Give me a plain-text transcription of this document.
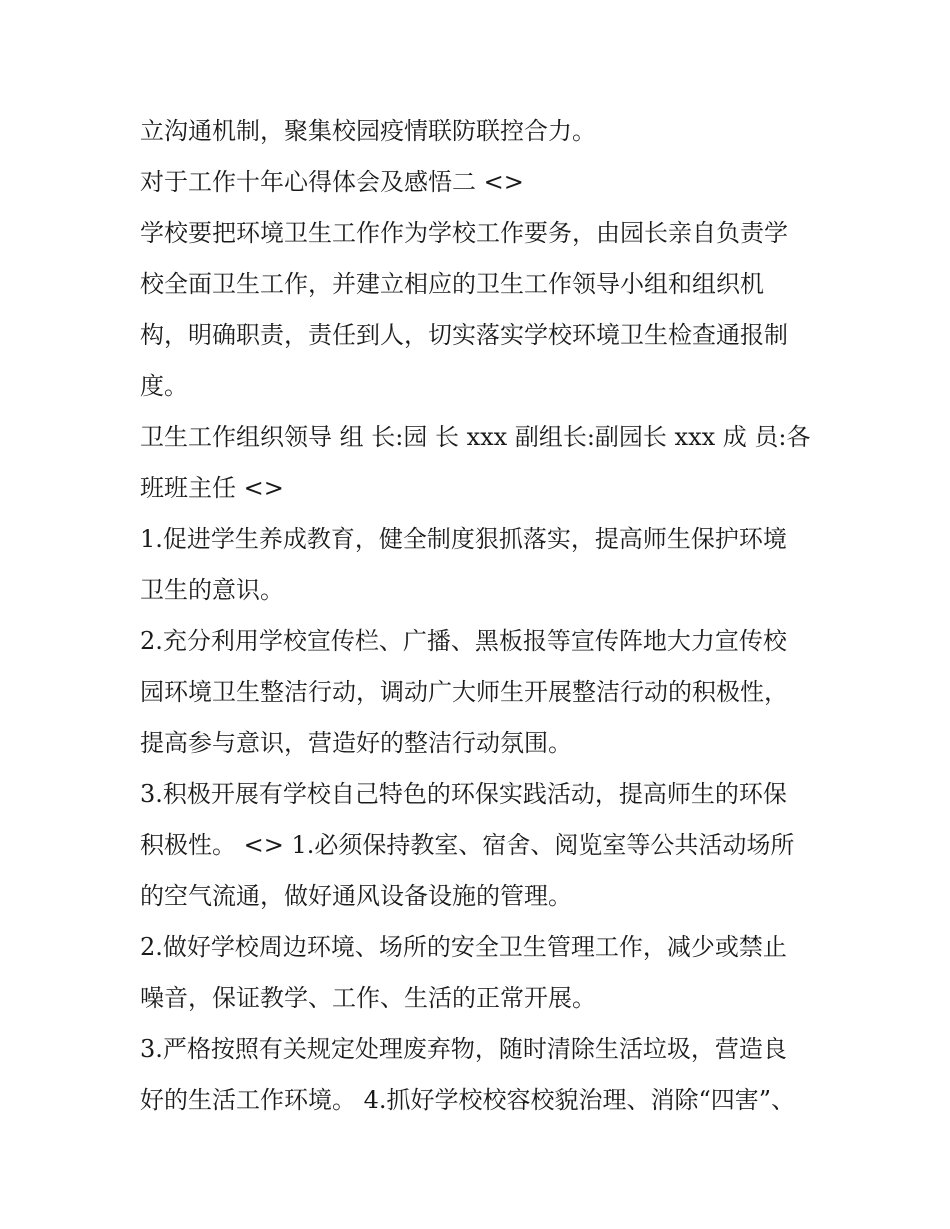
立沟通机制，聚集校园疫情联防联控合力。
对于工作十年心得体会及感悟二 <>
学校要把环境卫生工作作为学校工作要务，由园长亲自负责学
校全面卫生工作，并建立相应的卫生工作领导小组和组织机
构，明确职责，责任到人，切实落实学校环境卫生检查通报制
度。
卫生工作组织领导 组 长:园 长 xxx 副组长:副园长 xxx 成 员:各
班班主任 <>
1.促进学生养成教育，健全制度狠抓落实，提高师生保护环境
卫生的意识。
2.充分利用学校宣传栏、广播、黑板报等宣传阵地大力宣传校
园环境卫生整洁行动，调动广大师生开展整洁行动的积极性，
提高参与意识，营造好的整洁行动氛围。
3.积极开展有学校自己特色的环保实践活动，提高师生的环保
积极性。 <> 1.必须保持教室、宿舍、阅览室等公共活动场所
的空气流通，做好通风设备设施的管理。
2.做好学校周边环境、场所的安全卫生管理工作，减少或禁止
噪音，保证教学、工作、生活的正常开展。
3.严格按照有关规定处理废弃物，随时清除生活垃圾，营造良
好的生活工作环境。 4.抓好学校校容校貌治理、消除“四害”、
